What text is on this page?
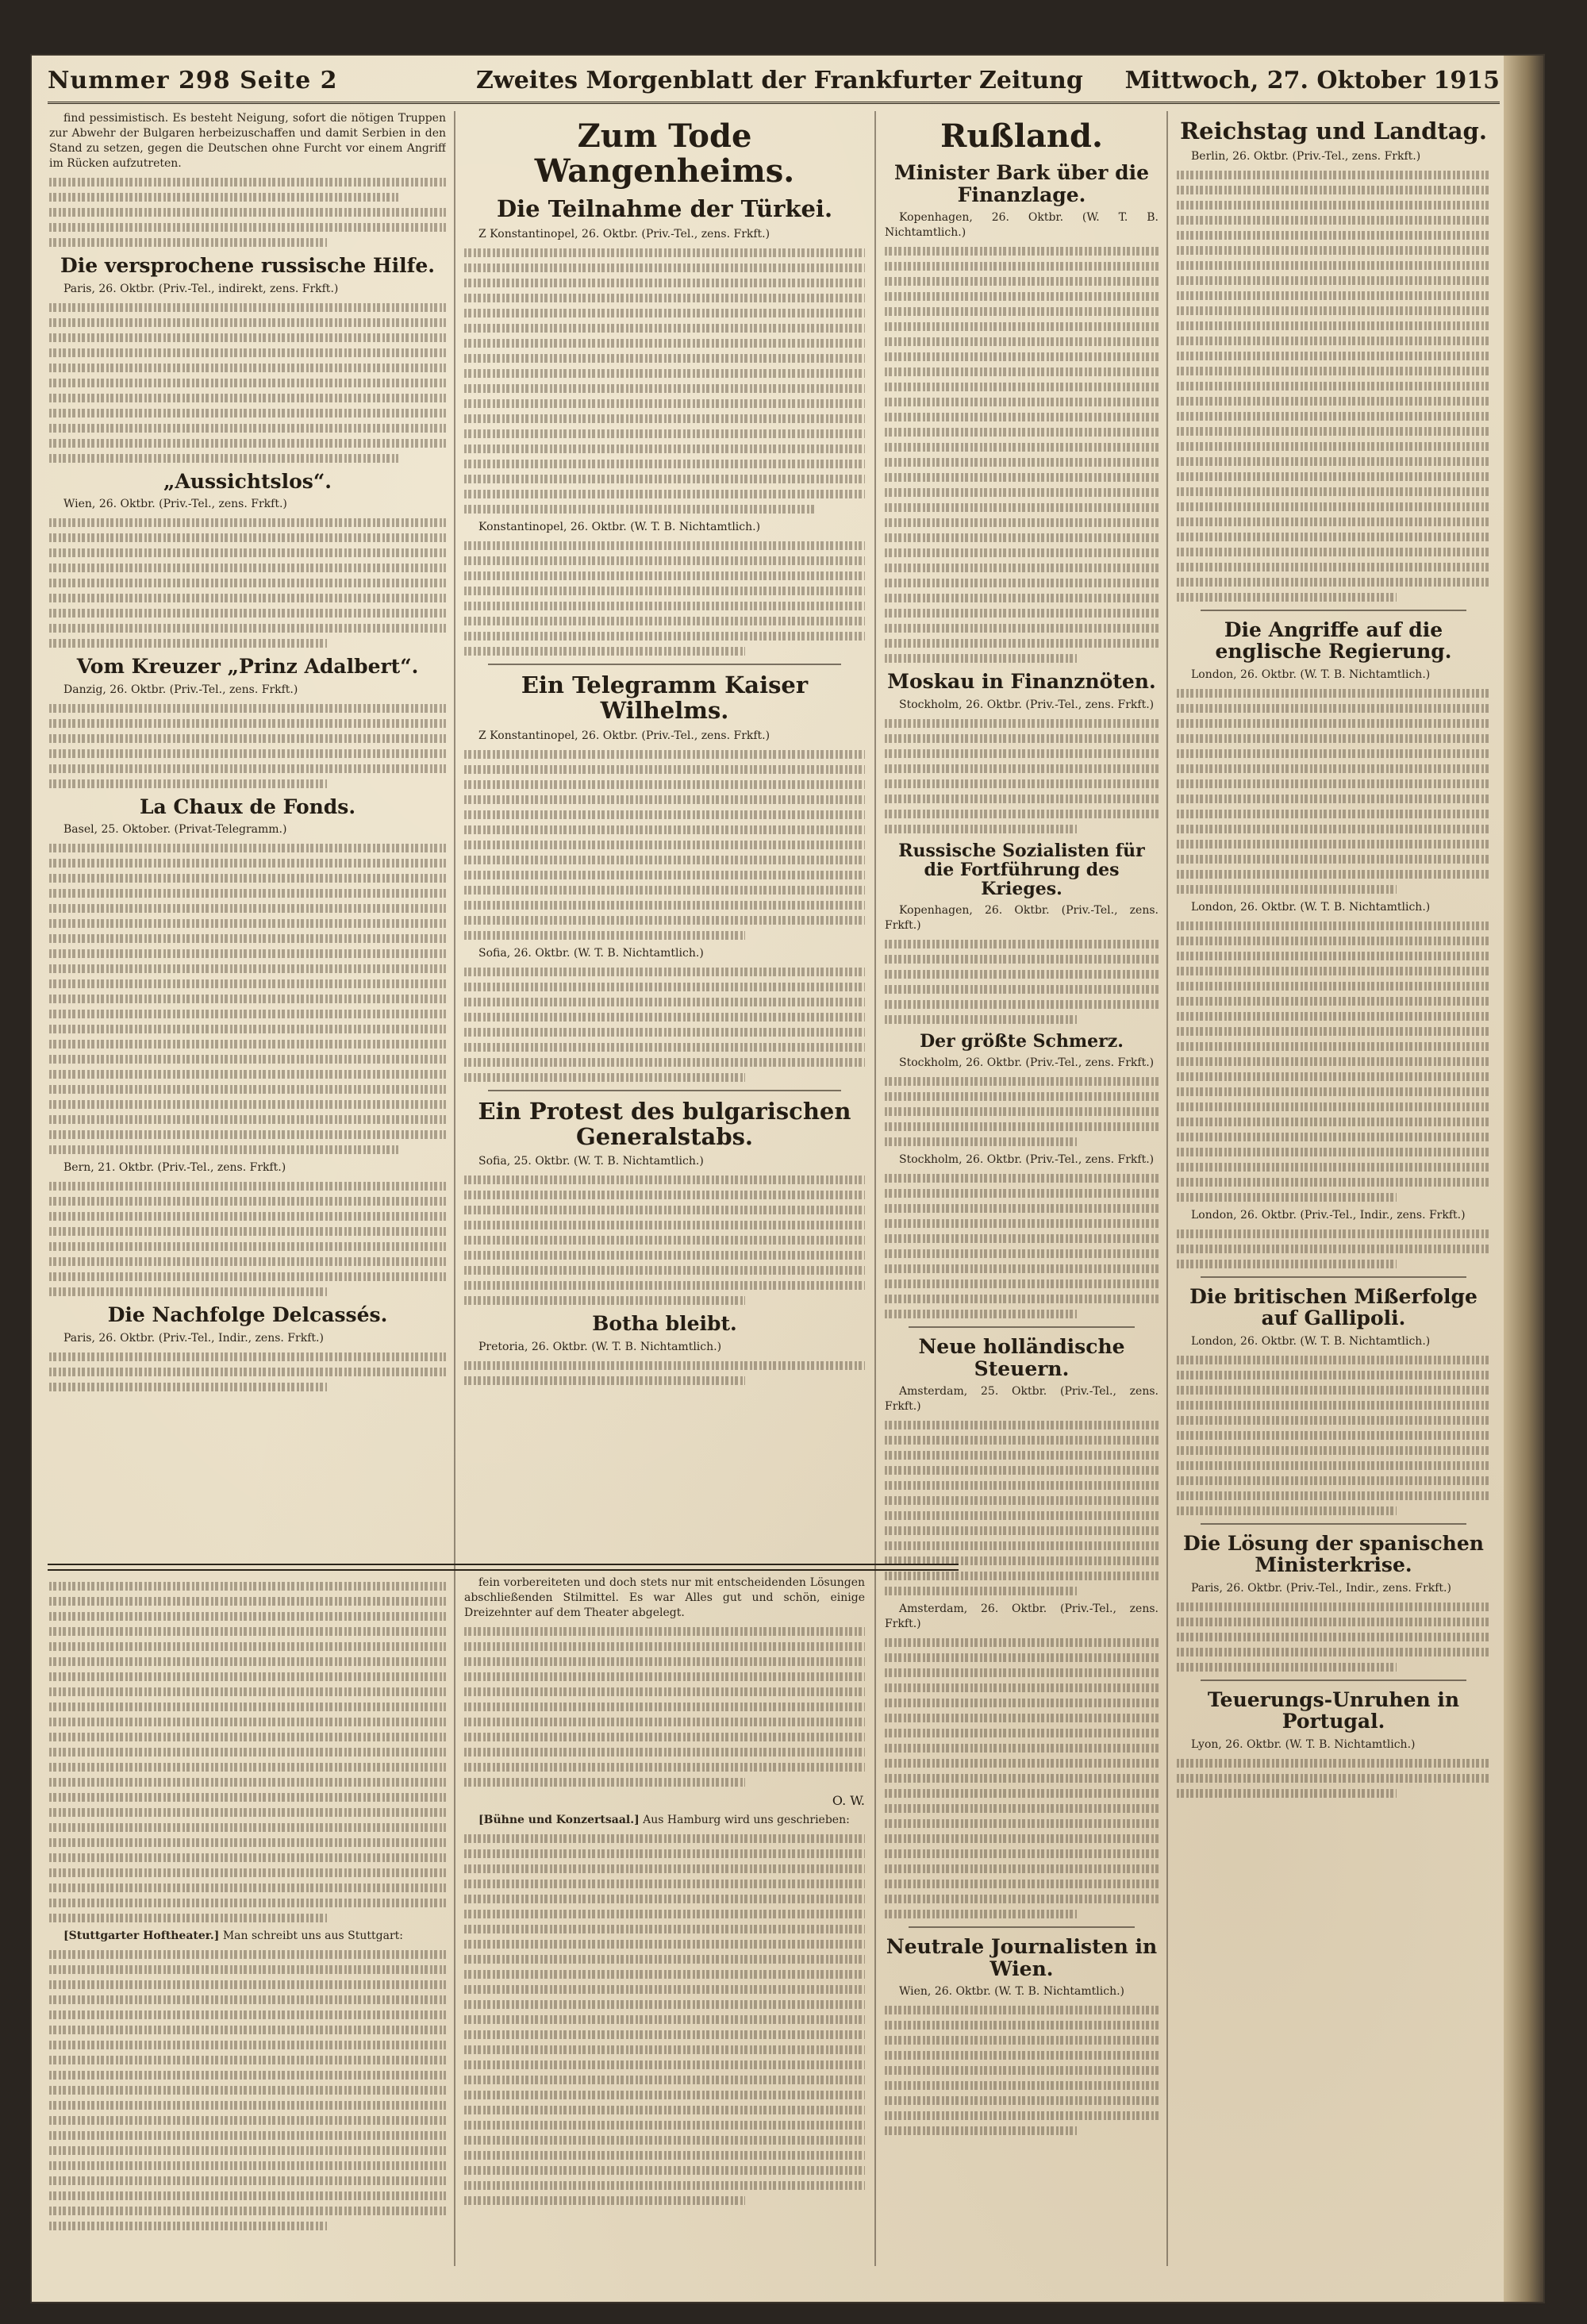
Nummer 298 Seite 2	Zweites Morgenblatt der Frankfurter Zeitung Mittwoch, 27. Oktober 1915

find pessimistisch. Es besteht Neigung, sofort die nötigen Truppen zur Abwehr der Bulgaren herbeizuschaffen und damit Serbien in den Stand zu setzen, gegen die Deutschen ohne Furcht vor einem Angriff im Rücken aufzutreten.

Die versprochene russische Hilfe.

Paris, 26. Oktbr. (Priv.-Tel., indirekt, zens. Frkft.)

„Aussichtslos“.

Wien, 26. Oktbr. (Priv.-Tel., zens. Frkft.)

Vom Kreuzer „Prinz Adalbert“.

Danzig, 26. Oktbr. (Priv.-Tel., zens. Frkft.)

La Chaux de Fonds.

Basel, 25. Oktober. (Privat-Telegramm.)

Bern, 21. Oktbr. (Priv.-Tel., zens. Frkft.)

Die Nachfolge Delcassés.

Paris, 26. Oktbr. (Priv.-Tel., Indir., zens. Frkft.)

Zum Tode Wangenheims.
Die Teilnahme der Türkei.

Z Konstantinopel, 26. Oktbr. (Priv.-Tel., zens. Frkft.)

Konstantinopel, 26. Oktbr. (W. T. B. Nichtamtlich.)

Ein Telegramm Kaiser Wilhelms.

Z Konstantinopel, 26. Oktbr. (Priv.-Tel., zens. Frkft.)

Sofia, 26. Oktbr. (W. T. B. Nichtamtlich.)

Ein Protest des bulgarischen Generalstabs.

Sofia, 25. Oktbr. (W. T. B. Nichtamtlich.)

Botha bleibt.

Pretoria, 26. Oktbr. (W. T. B. Nichtamtlich.)

Rußland.
Minister Bark über die Finanzlage.

Kopenhagen, 26. Oktbr. (W. T. B. Nichtamtlich.)

Moskau in Finanznöten.

Stockholm, 26. Oktbr. (Priv.-Tel., zens. Frkft.)

Russische Sozialisten für die Fortführung des Krieges.

Kopenhagen, 26. Oktbr. (Priv.-Tel., zens. Frkft.)

Der größte Schmerz.

Stockholm, 26. Oktbr. (Priv.-Tel., zens. Frkft.)

Stockholm, 26. Oktbr. (Priv.-Tel., zens. Frkft.)

Neue holländische Steuern.

Amsterdam, 25. Oktbr. (Priv.-Tel., zens. Frkft.)

Amsterdam, 26. Oktbr. (Priv.-Tel., zens. Frkft.)

Neutrale Journalisten in Wien.

Wien, 26. Oktbr. (W. T. B. Nichtamtlich.)

Reichstag und Landtag.

Berlin, 26. Oktbr. (Priv.-Tel., zens. Frkft.)

Die Angriffe auf die englische Regierung.

London, 26. Oktbr. (W. T. B. Nichtamtlich.)

London, 26. Oktbr. (W. T. B. Nichtamtlich.)

London, 26. Oktbr. (Priv.-Tel., Indir., zens. Frkft.)

Die britischen Mißerfolge auf Gallipoli.

London, 26. Oktbr. (W. T. B. Nichtamtlich.)

Die Lösung der spanischen Ministerkrise.

Paris, 26. Oktbr. (Priv.-Tel., Indir., zens. Frkft.)

Teuerungs-Unruhen in Portugal.

Lyon, 26. Oktbr. (W. T. B. Nichtamtlich.)

[Stuttgarter Hoftheater.] Man schreibt uns aus Stuttgart:

fein vorbereiteten und doch stets nur mit entscheidenden Lösungen abschließenden Stilmittel. Es war Alles gut und schön, einige Dreizehnter auf dem Theater abgelegt.

O. W.

[Bühne und Konzertsaal.] Aus Hamburg wird uns geschrieben:
